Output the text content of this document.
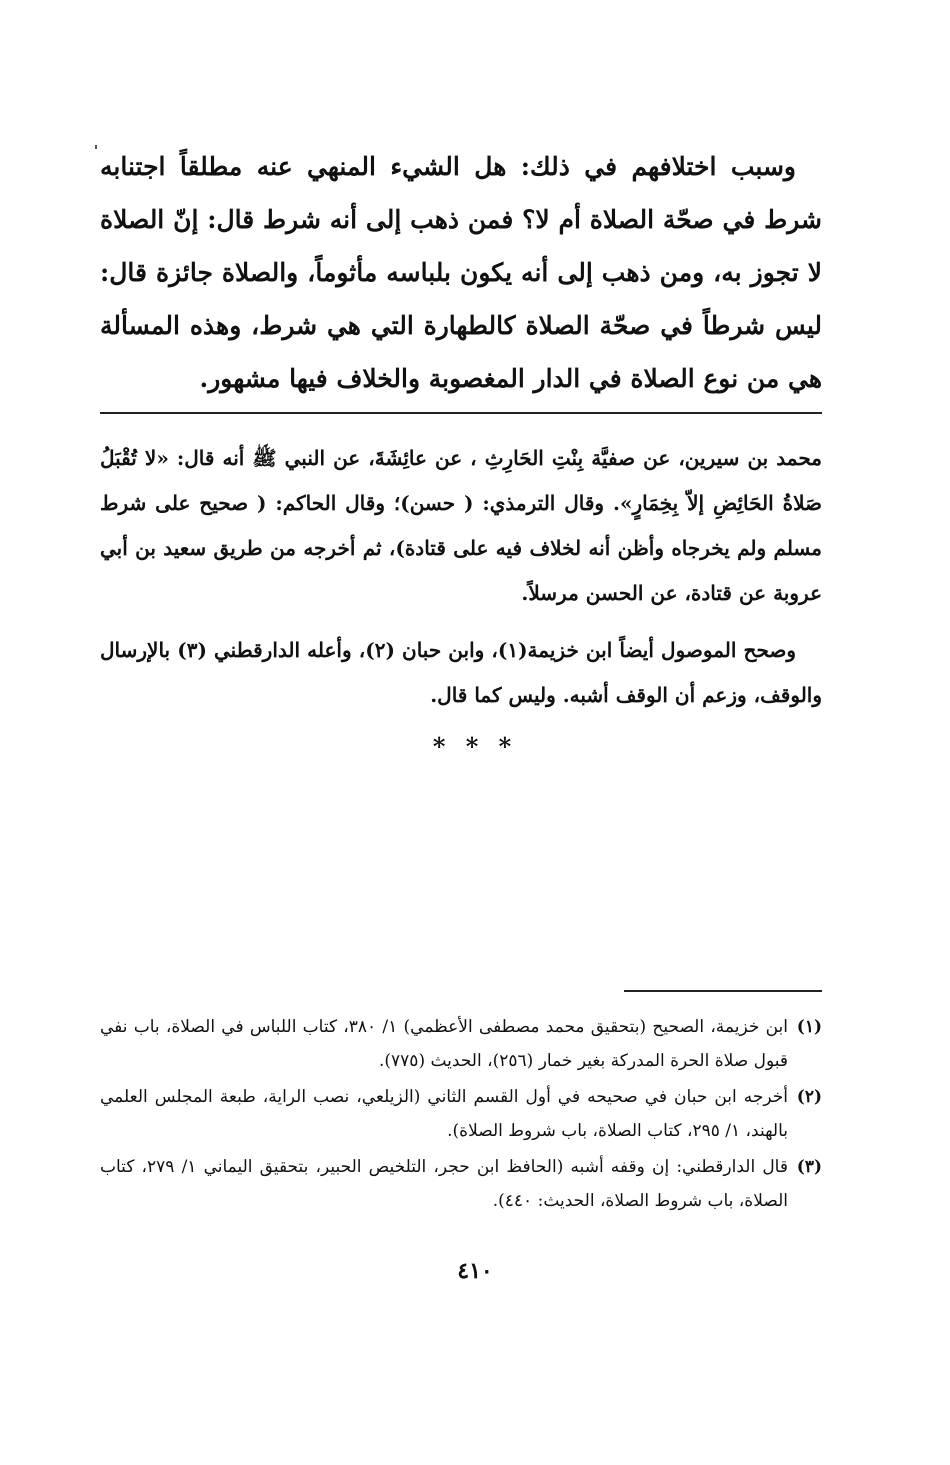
وسبب اختلافهم في ذلك: هل الشيء المنهي عنه مطلقاً اجتنابه شرط في صحّة الصلاة أم لا؟ فمن ذهب إلى أنه شرط قال: إنّ الصلاة لا تجوز به، ومن ذهب إلى أنه يكون بلباسه مأثوماً، والصلاة جائزة قال: ليس شرطاً في صحّة الصلاة كالطهارة التي هي شرط، وهذه المسألة هي من نوع الصلاة في الدار المغصوبة والخلاف فيها مشهور.

محمد بن سيرين، عن صفيَّة بِنْتِ الحَارِثِ ، عن عائِشَةَ، عن النبي ﷺ أنه قال: «لا تُقْبَلُ صَلاةُ الحَائِضِ إلاّ بِخِمَارٍ». وقال الترمذي: ( حسن)؛ وقال الحاكم: ( صحيح على شرط مسلم ولم يخرجاه وأظن أنه لخلاف فيه على قتادة)، ثم أخرجه من طريق سعيد بن أبي عروبة عن قتادة، عن الحسن مرسلاً.

وصحح الموصول أيضاً ابن خزيمة(١)، وابن حبان (٢)، وأعله الدارقطني (٣) بالإرسال والوقف، وزعم أن الوقف أشبه. وليس كما قال.

* * *
(١)
ابن خزيمة، الصحيح (بتحقيق محمد مصطفى الأعظمي) ١/ ٣٨٠، كتاب اللباس في الصلاة، باب نفي قبول صلاة الحرة المدركة بغير خمار (٢٥٦)، الحديث (٧٧٥).
(٢)
أخرجه ابن حبان في صحيحه في أول القسم الثاني (الزيلعي، نصب الراية، طبعة المجلس العلمي بالهند، ١/ ٢٩٥، كتاب الصلاة، باب شروط الصلاة).
(٣)
قال الدارقطني: إن وقفه أشبه (الحافظ ابن حجر، التلخيص الحبير، بتحقيق اليماني ١/ ٢٧٩، كتاب الصلاة، باب شروط الصلاة، الحديث: ٤٤٠).
٤١٠
